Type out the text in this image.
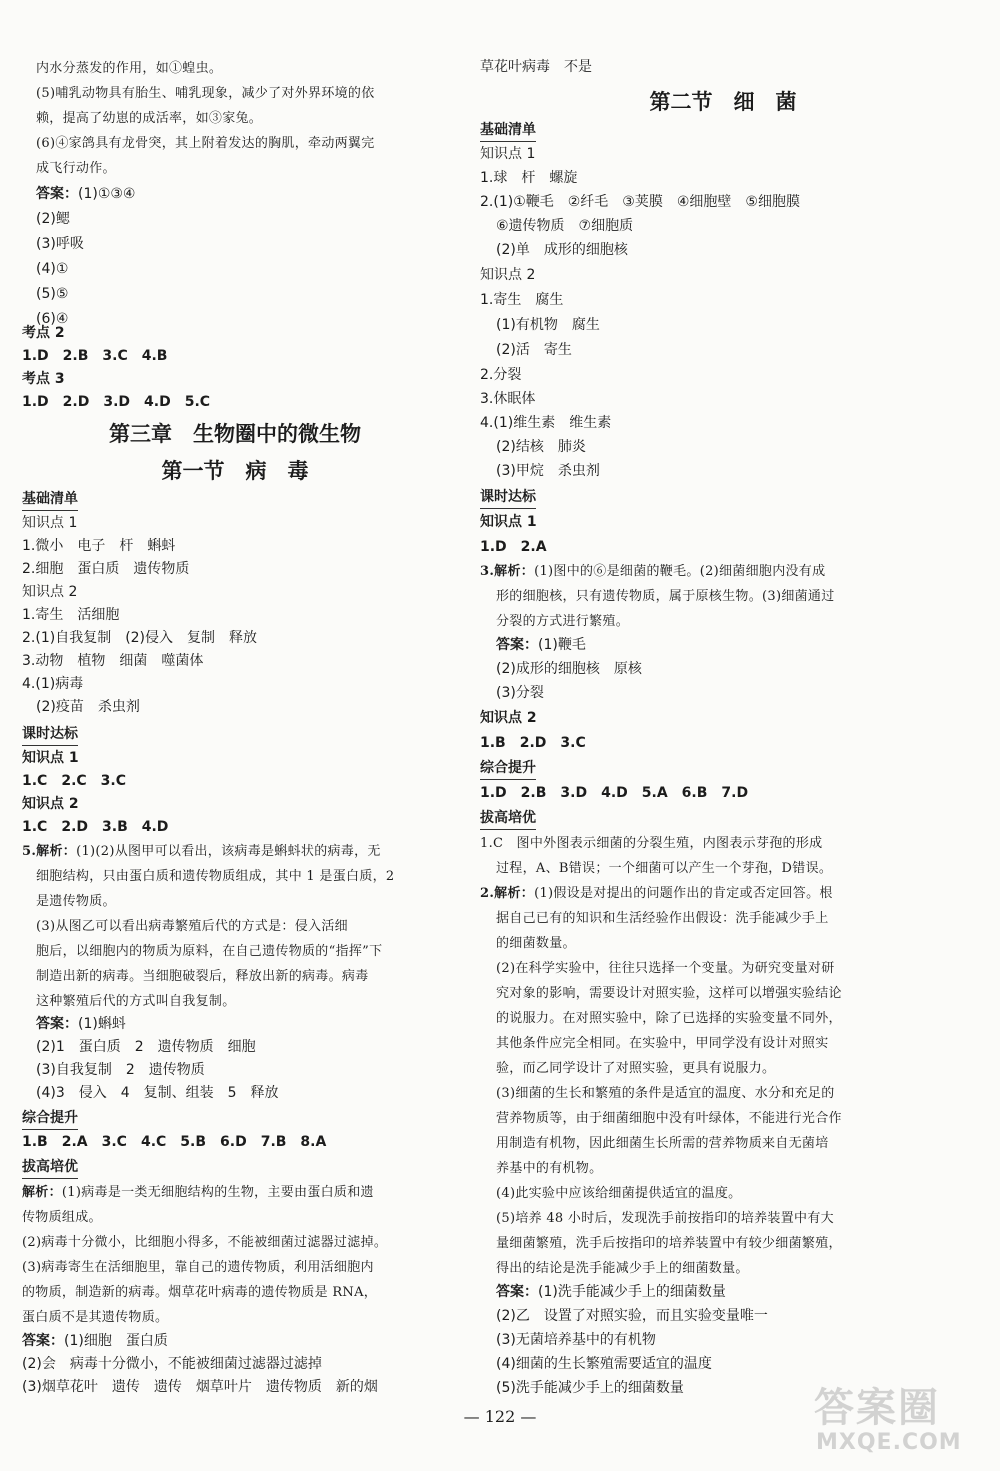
内水分蒸发的作用，如①蝗虫。
(5)哺乳动物具有胎生、哺乳现象，减少了对外界环境的依
赖，提高了幼崽的成活率，如③家兔。
(6)④家鸽具有龙骨突，其上附着发达的胸肌，牵动两翼完
成飞行动作。
答案：(1)①③④
(2)鳃
(3)呼吸
(4)①
(5)⑤
(6)④
考点 2
1.D　2.B　3.C　4.B
考点 3
1.D　2.D　3.D　4.D　5.C
第三章　生物圈中的微生物
第一节　病　毒
基础清单
知识点 1
1.微小　电子　杆　蝌蚪
2.细胞　蛋白质　遗传物质
知识点 2
1.寄生　活细胞
2.(1)自我复制　(2)侵入　复制　释放
3.动物　植物　细菌　噬菌体
4.(1)病毒
(2)疫苗　杀虫剂
课时达标
知识点 1
1.C　2.C　3.C
知识点 2
1.C　2.D　3.B　4.D
5.解析：(1)(2)从图甲可以看出，该病毒是蝌蚪状的病毒，无
细胞结构，只由蛋白质和遗传物质组成，其中 1 是蛋白质，2
是遗传物质。
(3)从图乙可以看出病毒繁殖后代的方式是：侵入活细
胞后，以细胞内的物质为原料，在自己遗传物质的“指挥”下
制造出新的病毒。当细胞破裂后，释放出新的病毒。病毒
这种繁殖后代的方式叫自我复制。
答案：(1)蝌蚪
(2)1　蛋白质　2　遗传物质　细胞
(3)自我复制　2　遗传物质
(4)3　侵入　4　复制、组装　5　释放
综合提升
1.B　2.A　3.C　4.C　5.B　6.D　7.B　8.A
拔高培优
解析：(1)病毒是一类无细胞结构的生物，主要由蛋白质和遗
传物质组成。
(2)病毒十分微小，比细胞小得多，不能被细菌过滤器过滤掉。
(3)病毒寄生在活细胞里，靠自己的遗传物质，利用活细胞内
的物质，制造新的病毒。烟草花叶病毒的遗传物质是 RNA，
蛋白质不是其遗传物质。
答案：(1)细胞　蛋白质
(2)会　病毒十分微小，不能被细菌过滤器过滤掉
(3)烟草花叶　遗传　遗传　烟草叶片　遗传物质　新的烟
草花叶病毒　不是
第二节　细　菌
基础清单
知识点 1
1.球　杆　螺旋
2.(1)①鞭毛　②纤毛　③荚膜　④细胞壁　⑤细胞膜
⑥遗传物质　⑦细胞质
(2)单　成形的细胞核
知识点 2
1.寄生　腐生
(1)有机物　腐生
(2)活　寄生
2.分裂
3.休眠体
4.(1)维生素　维生素
(2)结核　肺炎
(3)甲烷　杀虫剂
课时达标
知识点 1
1.D　2.A
3.解析：(1)图中的⑥是细菌的鞭毛。(2)细菌细胞内没有成
形的细胞核，只有遗传物质，属于原核生物。(3)细菌通过
分裂的方式进行繁殖。
答案：(1)鞭毛
(2)成形的细胞核　原核
(3)分裂
知识点 2
1.B　2.D　3.C
综合提升
1.D　2.B　3.D　4.D　5.A　6.B　7.D
拔高培优
1.C　图中外图表示细菌的分裂生殖，内图表示芽孢的形成
过程，A、B错误；一个细菌可以产生一个芽孢，D错误。
2.解析：(1)假设是对提出的问题作出的肯定或否定回答。根
据自己已有的知识和生活经验作出假设：洗手能减少手上
的细菌数量。
(2)在科学实验中，往往只选择一个变量。为研究变量对研
究对象的影响，需要设计对照实验，这样可以增强实验结论
的说服力。在对照实验中，除了已选择的实验变量不同外，
其他条件应完全相同。在实验中，甲同学没有设计对照实
验，而乙同学设计了对照实验，更具有说服力。
(3)细菌的生长和繁殖的条件是适宜的温度、水分和充足的
营养物质等，由于细菌细胞中没有叶绿体，不能进行光合作
用制造有机物，因此细菌生长所需的营养物质来自无菌培
养基中的有机物。
(4)此实验中应该给细菌提供适宜的温度。
(5)培养 48 小时后，发现洗手前按指印的培养装置中有大
量细菌繁殖，洗手后按指印的培养装置中有较少细菌繁殖，
得出的结论是洗手能减少手上的细菌数量。
答案：(1)洗手能减少手上的细菌数量
(2)乙　设置了对照实验，而且实验变量唯一
(3)无菌培养基中的有机物
(4)细菌的生长繁殖需要适宜的温度
(5)洗手能减少手上的细菌数量
— 122 —	答案圈
MXQE.COM
